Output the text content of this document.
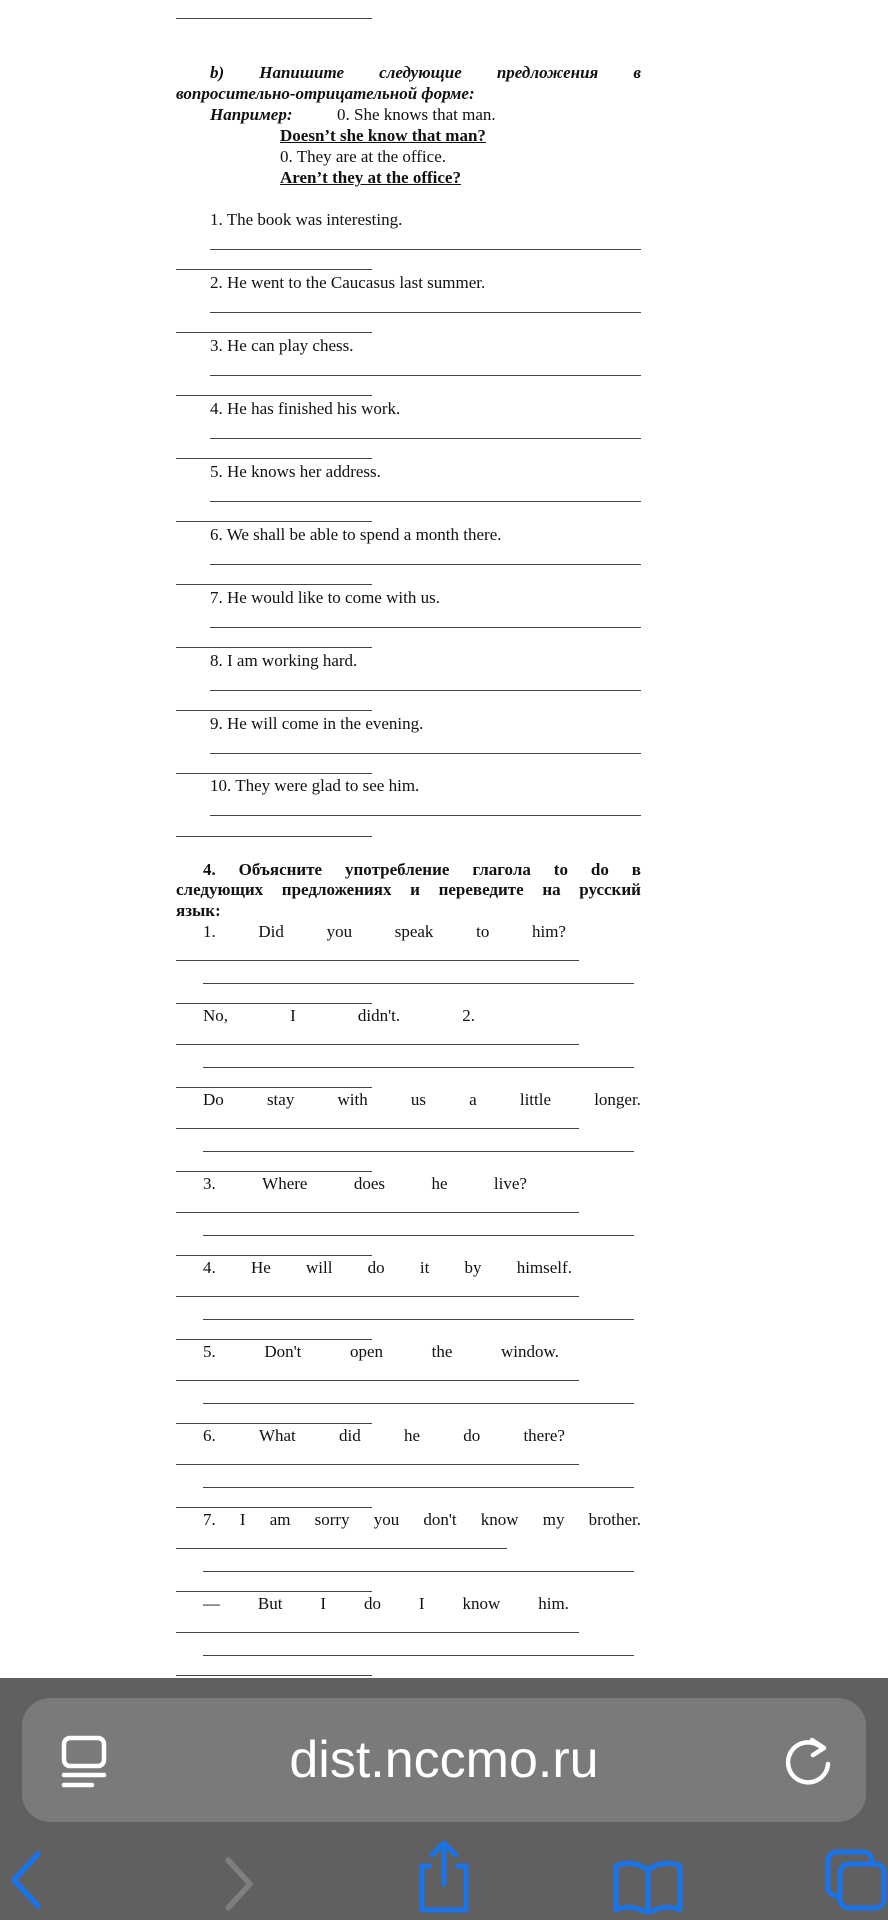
b) Напишите следующие предложения в
вопросительно-отрицательной форме:
Например:	0. She knows that man.
Doesn’t she know that man?
0. They are at the office.
Aren’t they at the office?
1. The book was interesting.
2. He went to the Caucasus last summer.
3. He can play chess.
4. He has finished his work.
5. He knows her address.
6. We shall be able to spend a month there.
7. He would like to come with us.
8. I am working hard.
9. He will come in the evening.
10. They were glad to see him.
4. Объясните употребление глагола to do в
следующих предложениях и переведите на русский
язык:
1.	Did	you	speak	to	him?
No,	I	didn't.	2.
Do	stay	with	us	a	little	longer.
3.	Where	does	he	live?
4. He will do it by himself.
5.	Don't	open	the	window.
6.	What	did	he	do	there?
7. I am sorry you don't know my brother.
— But I do I know him.
dist.nccmo.ru
